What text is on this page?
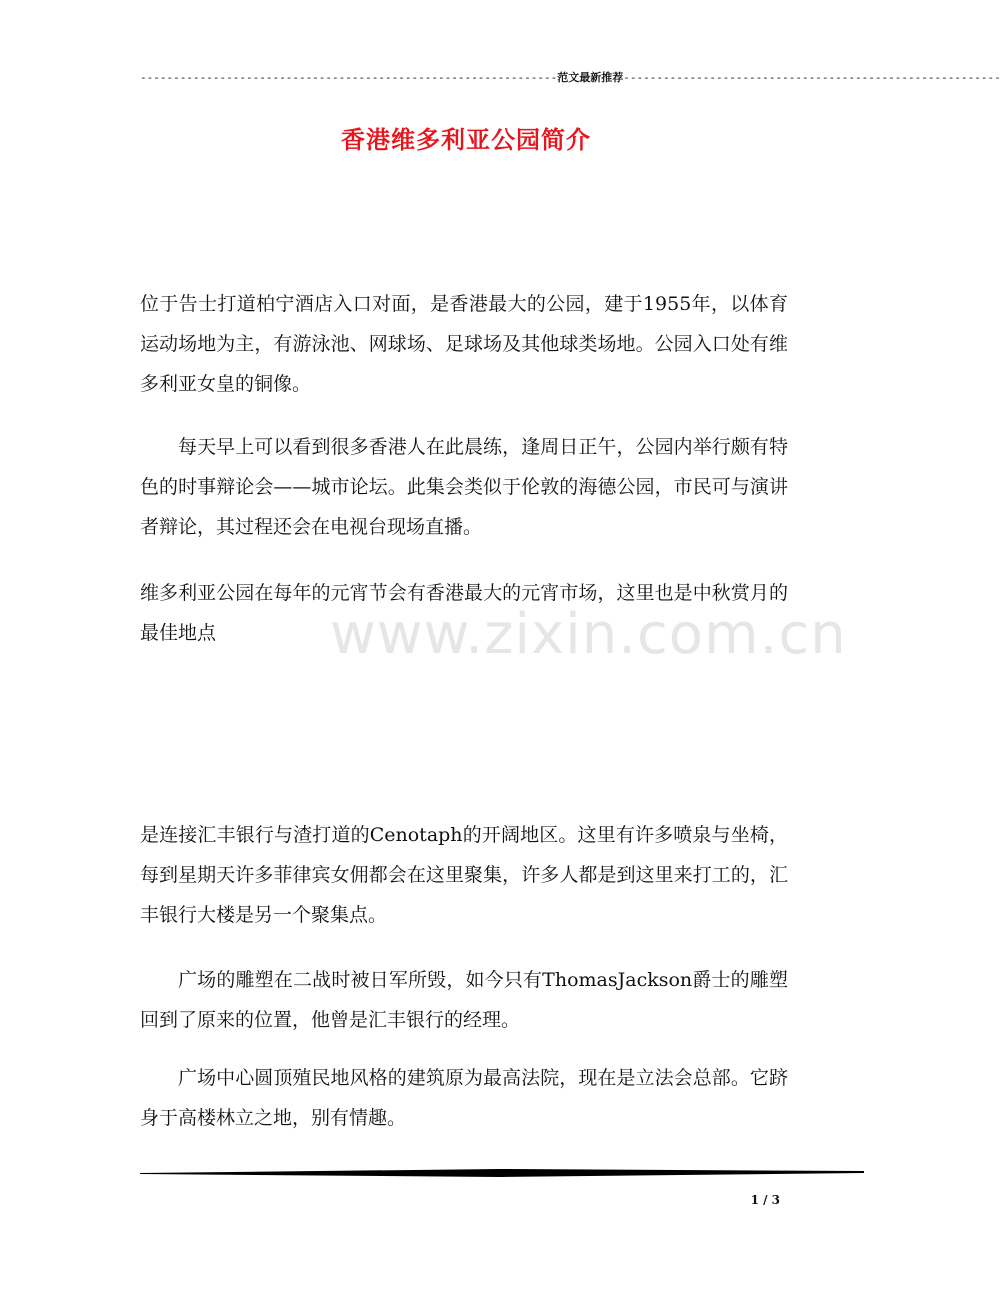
---------------------------------------------------------------范文最新推荐---------------------------------------------------------
香港维多利亚公园简介

位于告士打道柏宁酒店入口对面，是香港最大的公园，建于1955年，以体育运动场地为主，有游泳池、网球场、足球场及其他球类场地。公园入口处有维多利亚女皇的铜像。

每天早上可以看到很多香港人在此晨练，逢周日正午，公园内举行颇有特色的时事辩论会——城市论坛。此集会类似于伦敦的海德公园，市民可与演讲者辩论，其过程还会在电视台现场直播。

维多利亚公园在每年的元宵节会有香港最大的元宵市场，这里也是中秋赏月的最佳地点	www.zixin.com.cn

是连接汇丰银行与渣打道的Cenotaph的开阔地区。这里有许多喷泉与坐椅，每到星期天许多菲律宾女佣都会在这里聚集，许多人都是到这里来打工的，汇丰银行大楼是另一个聚集点。

广场的雕塑在二战时被日军所毁，如今只有ThomasJackson爵士的雕塑回到了原来的位置，他曾是汇丰银行的经理。

广场中心圆顶殖民地风格的建筑原为最高法院，现在是立法会总部。它跻身于高楼林立之地，别有情趣。

1 / 3
